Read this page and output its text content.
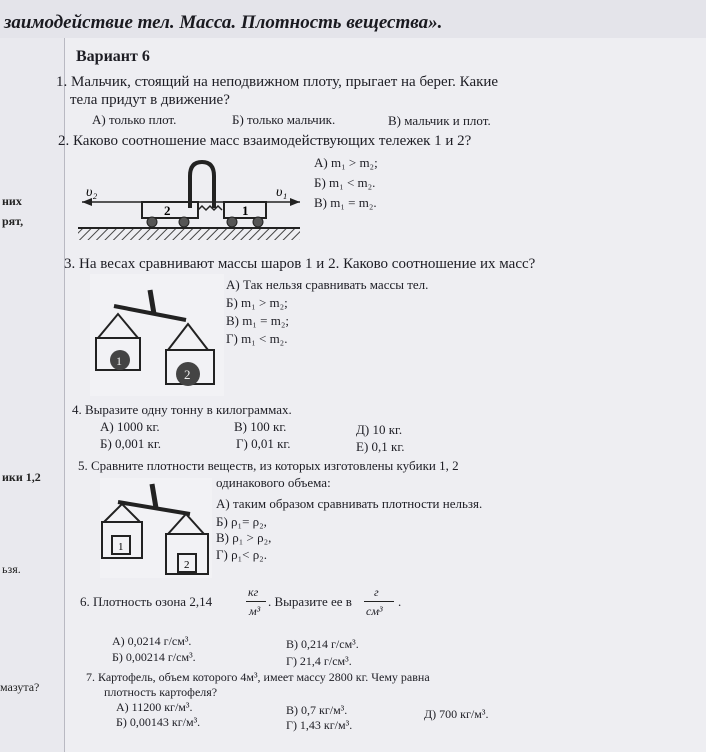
заимодействие тел. Масса. Плотность вещества».
них
рят,
ики 1,2
ьзя.
мазута?
Вариант 6
1. Мальчик, стоящий на неподвижном плоту, прыгает на берег. Какие
тела придут в движение?
А) только плот.	Б) только мальчик.	В) мальчик и плот.
2. Каково соотношение масс взаимодействующих тележек 1 и 2?
А) m₁ > m₂;
Б) m₁ < m₂.
В) m₁ = m₂.
υ₂	υ₁
2	1
3. На весах сравнивают массы шаров 1 и 2. Каково соотношение их масс?
А) Так нельзя сравнивать массы тел.
Б) m₁ > m₂;
В) m₁ = m₂;
Г) m₁ < m₂.
1
2
4. Выразите одну тонну в килограммах.
А) 1000 кг.
Б) 0,001 кг.
В) 100 кг.
Г) 0,01 кг.
Д) 10 кг.
Е) 0,1 кг.
5. Сравните плотности веществ, из которых изготовлены кубики 1, 2
одинакового объема:
А) таким образом сравнивать плотности нельзя.
Б) ρ₁= ρ₂,
В) ρ₁ > ρ₂,
Г) ρ₁< ρ₂.
1
2
6. Плотность озона 2,14
кг
м³
. Выразите ее в
г
см³
.
А) 0,0214 г/см³.
Б) 0,00214 г/см³.
В) 0,214 г/см³.
Г) 21,4 г/см³.
7. Картофель, объем которого 4м³, имеет массу 2800 кг. Чему равна
плотность картофеля?
А) 11200 кг/м³.
Б) 0,00143 кг/м³.
В) 0,7 кг/м³.
Г) 1,43 кг/м³.
Д) 700 кг/м³.
